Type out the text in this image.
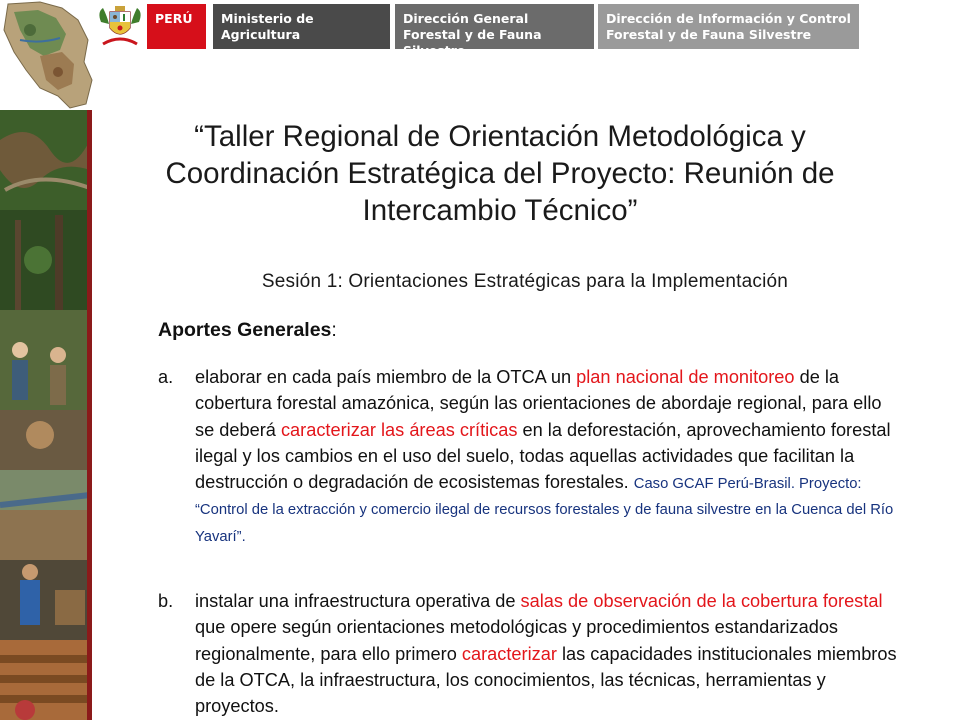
PERÚ	Ministerio de Agricultura
Dirección General Forestal y de Fauna Silvestre
Dirección de Información y Control Forestal y de Fauna Silvestre
“Taller Regional de Orientación Metodológica y Coordinación Estratégica del Proyecto: Reunión de Intercambio Técnico”
Sesión 1: Orientaciones Estratégicas para la Implementación
Aportes Generales:
a.	elaborar en cada país miembro de la OTCA un plan nacional de monitoreo de la cobertura forestal amazónica, según las orientaciones de abordaje regional, para ello se deberá caracterizar las áreas críticas en la deforestación, aprovechamiento forestal ilegal y los cambios en el uso del suelo, todas aquellas actividades que facilitan la destrucción o degradación de ecosistemas forestales. Caso GCAF Perú-Brasil. Proyecto: “Control de la extracción y comercio ilegal de recursos forestales y de fauna silvestre en la Cuenca del Río Yavarí”.
b.	instalar una infraestructura operativa de salas de observación de la cobertura forestal que opere según orientaciones metodológicas y procedimientos estandarizados regionalmente, para ello primero caracterizar las capacidades institucionales miembros de la OTCA, la infraestructura, los conocimientos, las técnicas, herramientas y proyectos.
